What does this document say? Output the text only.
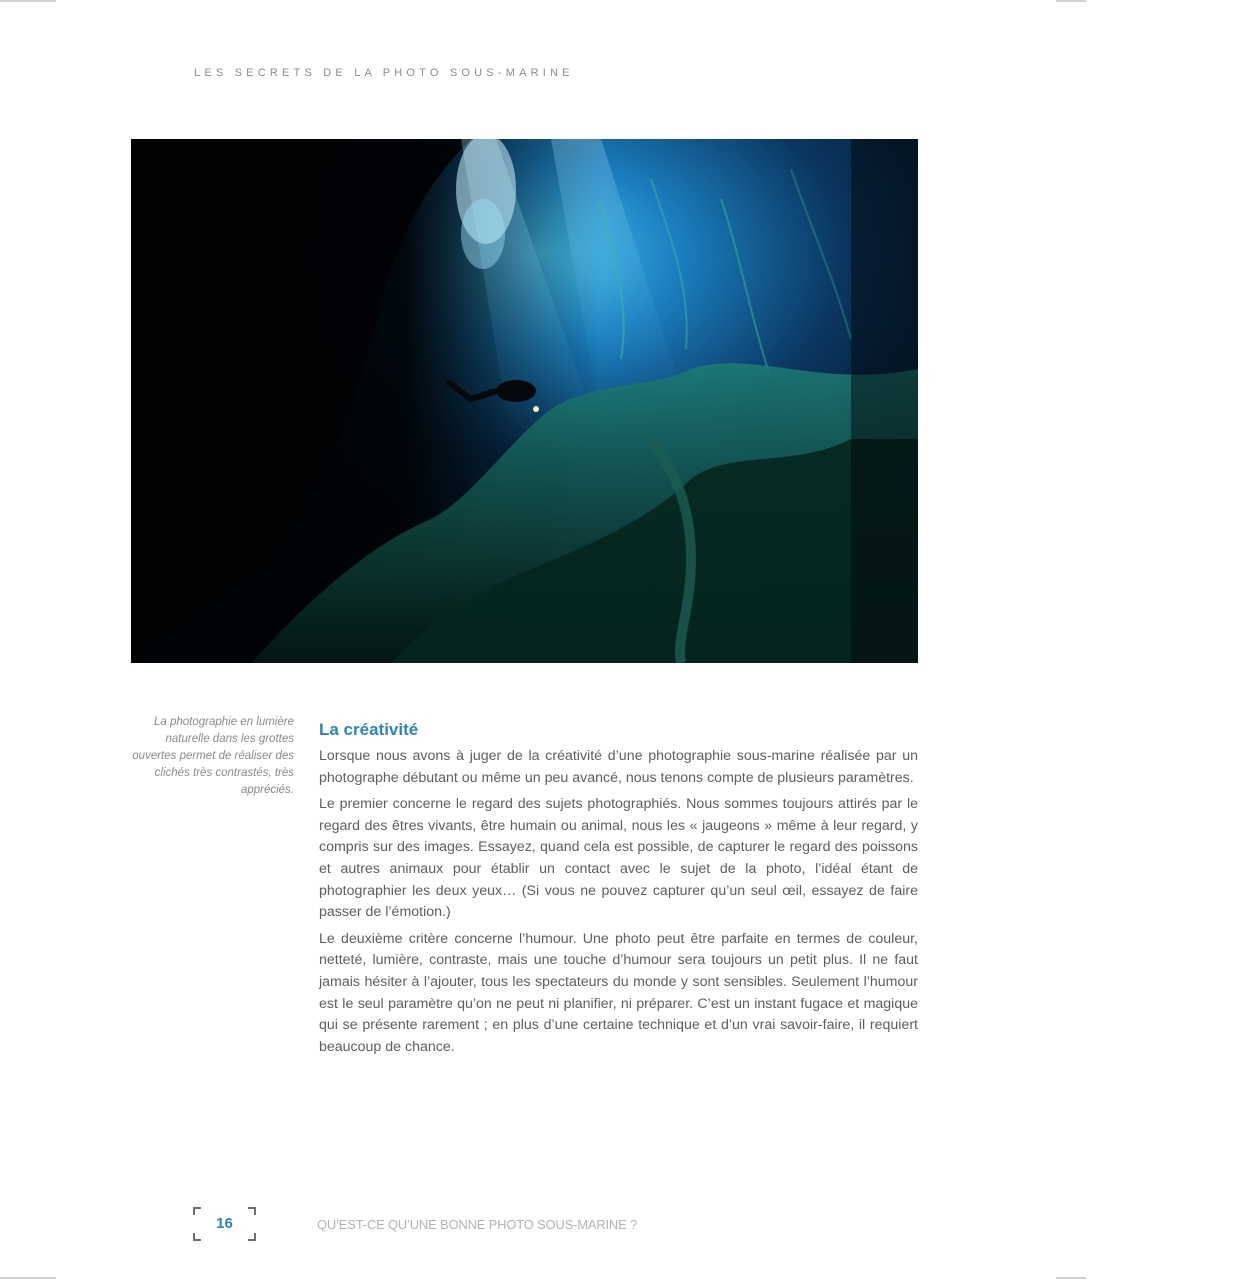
LES SECRETS DE LA PHOTO SOUS-MARINE
La photographie en lumière naturelle dans les grottes ouvertes permet de réaliser des clichés très contrastés, très appréciés.
La créativité

Lorsque nous avons à juger de la créativité d’une photographie sous-marine réalisée par un photographe débutant ou même un peu avancé, nous tenons compte de plusieurs paramètres.

Le premier concerne le regard des sujets photographiés. Nous sommes toujours attirés par le regard des êtres vivants, être humain ou animal, nous les « jaugeons » même à leur regard, y compris sur des images. Essayez, quand cela est possible, de capturer le regard des poissons et autres animaux pour établir un contact avec le sujet de la photo, l’idéal étant de photographier les deux yeux… (Si vous ne pouvez capturer qu’un seul œil, essayez de faire passer de l’émotion.)

Le deuxième critère concerne l’humour. Une photo peut être parfaite en termes de couleur, netteté, lumière, contraste, mais une touche d’humour sera toujours un petit plus. Il ne faut jamais hésiter à l’ajouter, tous les spectateurs du monde y sont sensibles. Seulement l’humour est le seul paramètre qu’on ne peut ni planifier, ni préparer. C’est un instant fugace et magique qui se présente rarement ; en plus d’une certaine technique et d’un vrai savoir-faire, il requiert beaucoup de chance.

16	QU’EST-CE QU’UNE BONNE PHOTO SOUS-MARINE ?
